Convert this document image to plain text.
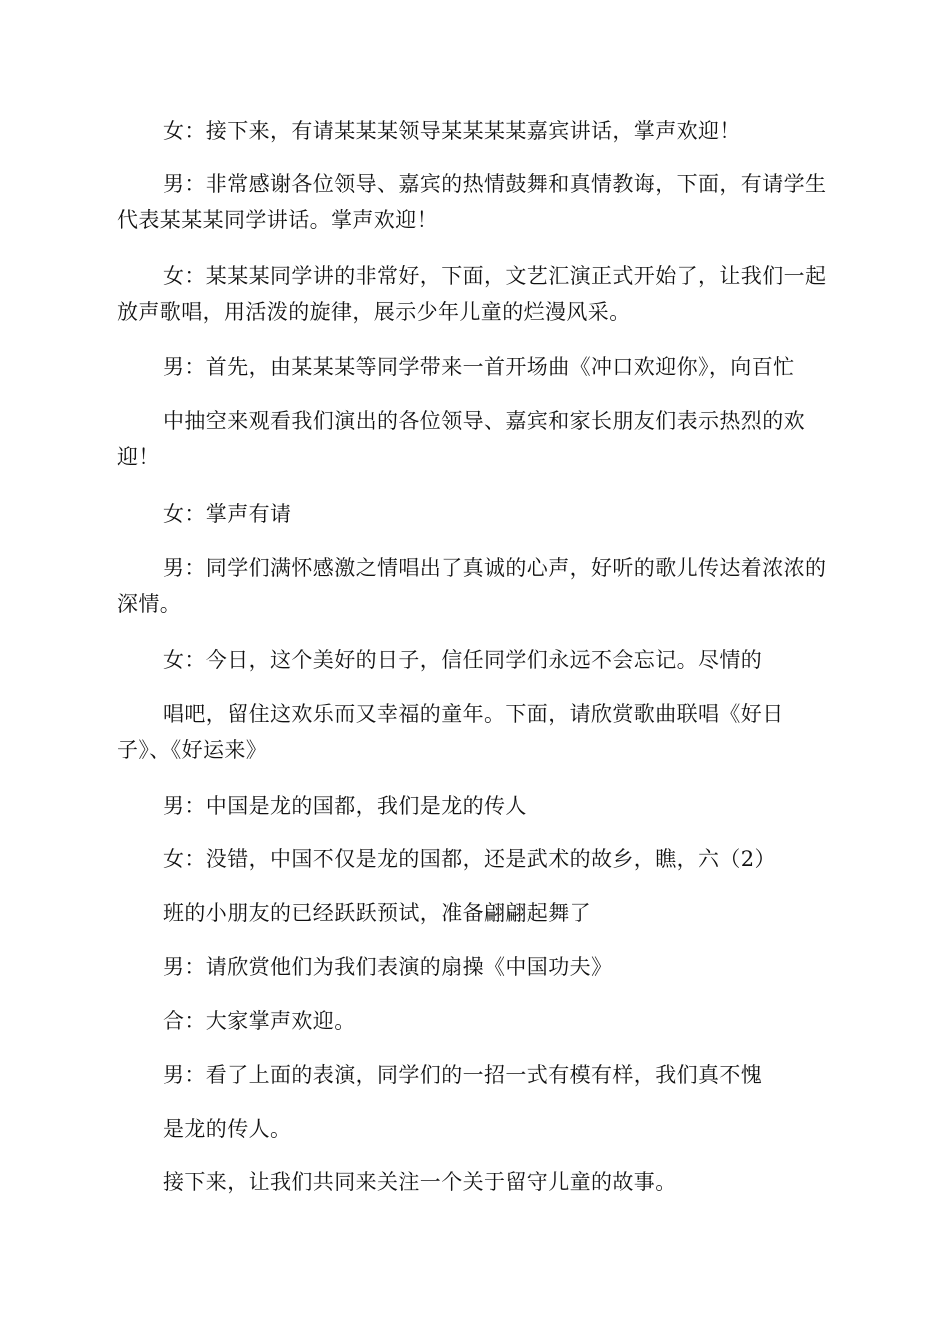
女：接下来，有请某某某领导某某某某嘉宾讲话，掌声欢迎！

男：非常感谢各位领导、嘉宾的热情鼓舞和真情教诲，下面，有请学生代表某某某同学讲话。掌声欢迎！

女：某某某同学讲的非常好，下面，文艺汇演正式开始了，让我们一起放声歌唱，用活泼的旋律，展示少年儿童的烂漫风采。

男：首先，由某某某等同学带来一首开场曲《冲口欢迎你》，向百忙

中抽空来观看我们演出的各位领导、嘉宾和家长朋友们表示热烈的欢迎！

女：掌声有请

男：同学们满怀感激之情唱出了真诚的心声，好听的歌儿传达着浓浓的深情。

女：今日，这个美好的日子，信任同学们永远不会忘记。尽情的

唱吧，留住这欢乐而又幸福的童年。下面，请欣赏歌曲联唱《好日子》、《好运来》

男：中国是龙的国都，我们是龙的传人

女：没错，中国不仅是龙的国都，还是武术的故乡，瞧，六（2）

班的小朋友的已经跃跃预试，准备翩翩起舞了

男：请欣赏他们为我们表演的扇操《中国功夫》

合：大家掌声欢迎。

男：看了上面的表演，同学们的一招一式有模有样，我们真不愧

是龙的传人。

接下来，让我们共同来关注一个关于留守儿童的故事。
